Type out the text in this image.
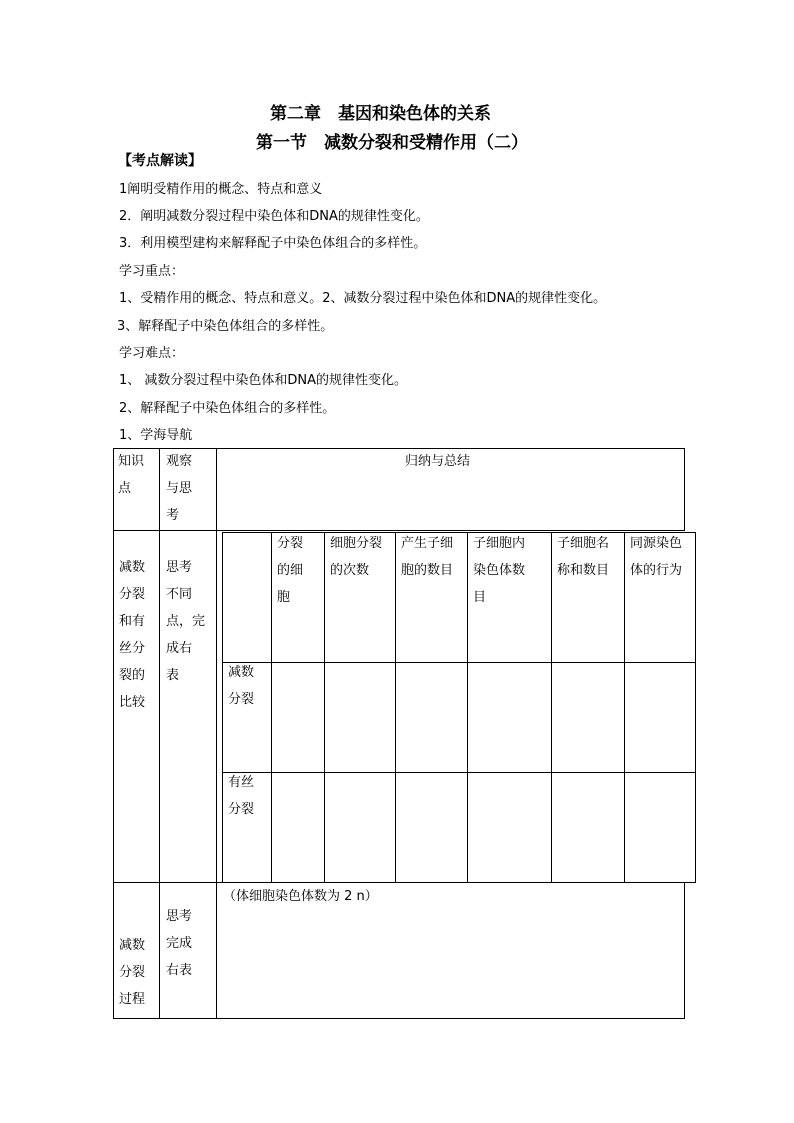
第二章　基因和染色体的关系
第一节　减数分裂和受精作用（二）
【考点解读】
1阐明受精作用的概念、特点和意义
2．阐明减数分裂过程中染色体和DNA的规律性变化。
3．利用模型建构来解释配子中染色体组合的多样性。
学习重点：
1、受精作用的概念、特点和意义。2、减数分裂过程中染色体和DNA的规律性变化。
3、解释配子中染色体组合的多样性。
学习难点：
1、 减数分裂过程中染色体和DNA的规律性变化。
2、解释配子中染色体组合的多样性。
1、学海导航
知识
点
观察
与思
考
归纳与总结
减数
分裂
和有
丝分
裂的
比较
思考
不同
点，完
成右
表
分裂
的细
胞
细胞分裂
的次数
产生子细
胞的数目
子细胞内
染色体数
目
子细胞名
称和数目
同源染色
体的行为
减数
分裂
有丝
分裂
（体细胞染色体数为 2 n）
减数
分裂
过程
思考
完成
右表
